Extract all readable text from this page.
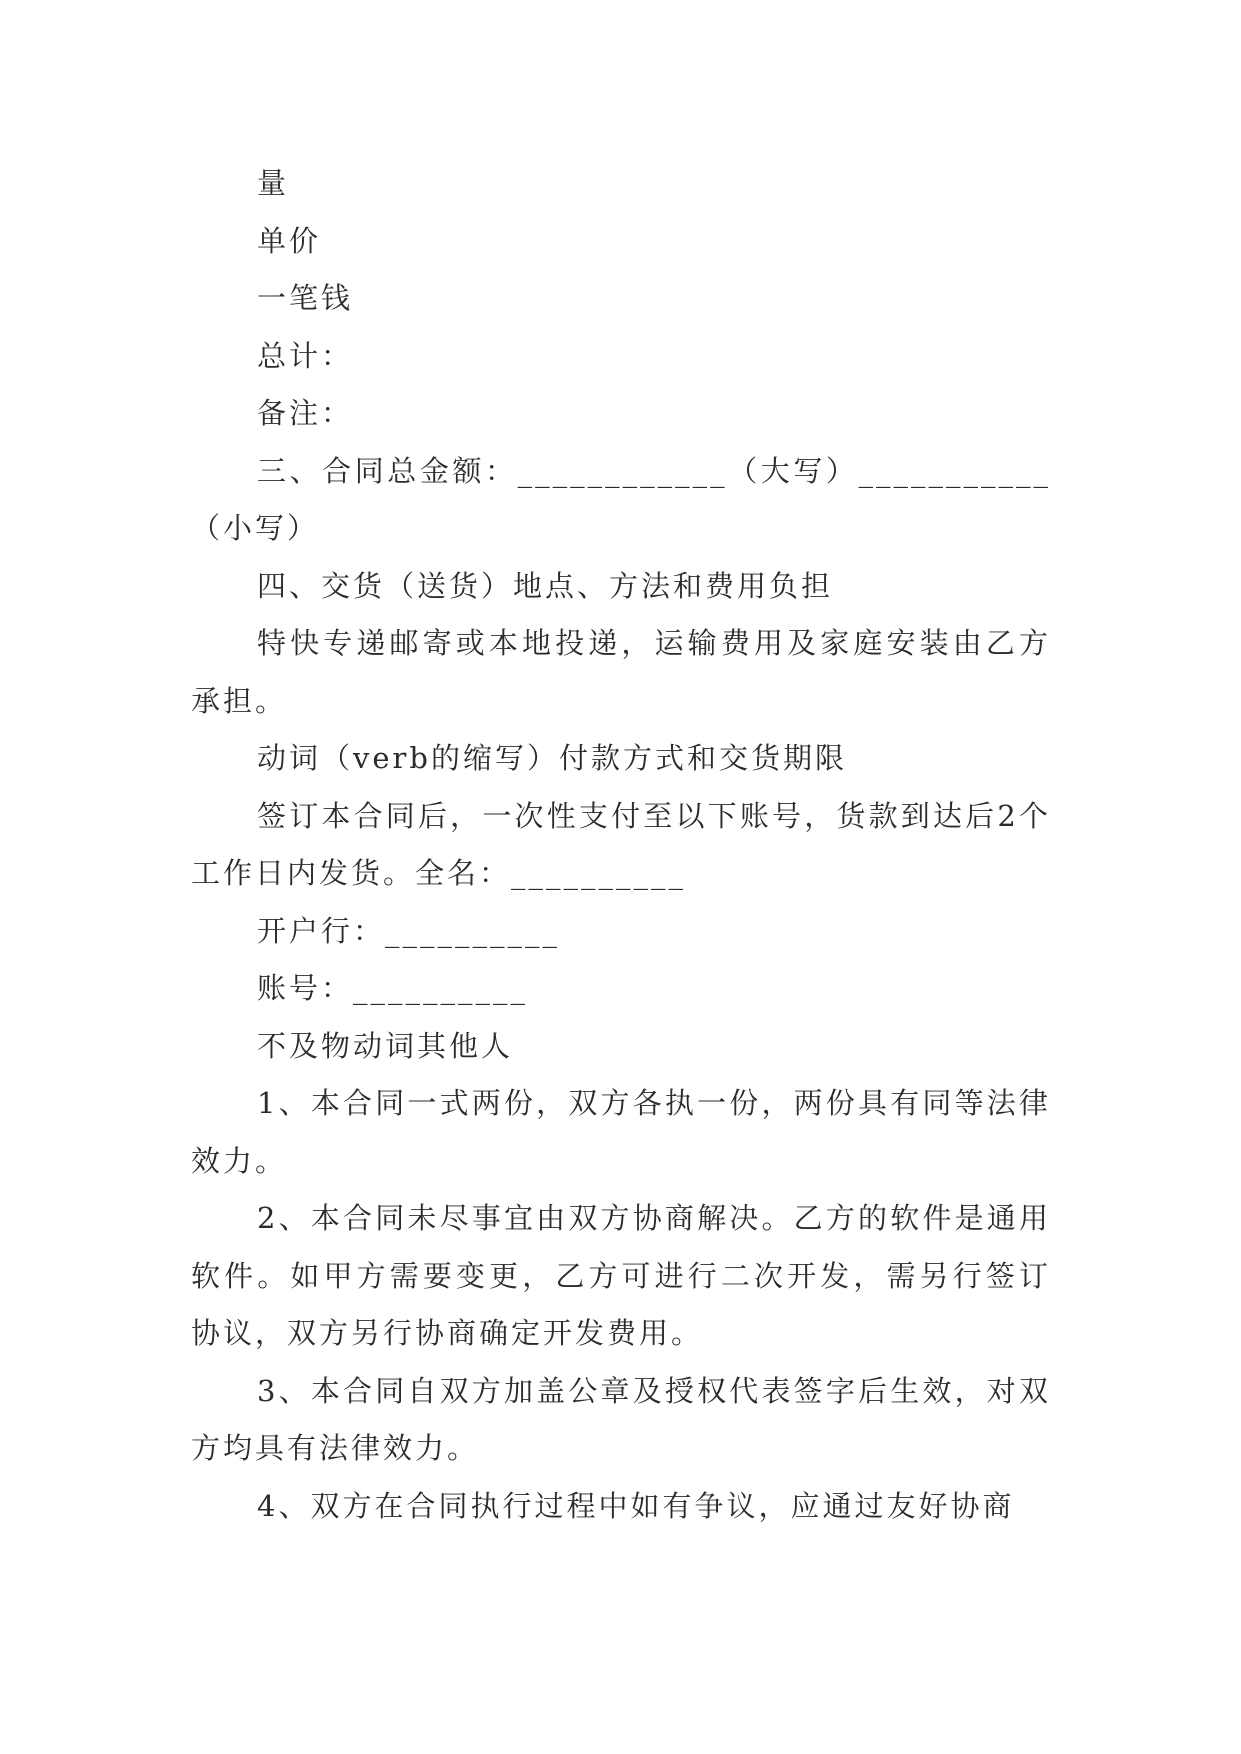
量

单价

一笔钱

总计：

备注：

三、合同总金额：____________（大写）___________（小写）

四、交货（送货）地点、方法和费用负担

特快专递邮寄或本地投递，运输费用及家庭安装由乙方承担。

动词（verb的缩写）付款方式和交货期限

签订本合同后，一次性支付至以下账号，货款到达后2个工作日内发货。全名：__________

开户行：__________

账号：__________

不及物动词其他人

1、本合同一式两份，双方各执一份，两份具有同等法律效力。

2、本合同未尽事宜由双方协商解决。乙方的软件是通用软件。如甲方需要变更，乙方可进行二次开发，需另行签订协议，双方另行协商确定开发费用。

3、本合同自双方加盖公章及授权代表签字后生效，对双方均具有法律效力。

4、双方在合同执行过程中如有争议，应通过友好协商
